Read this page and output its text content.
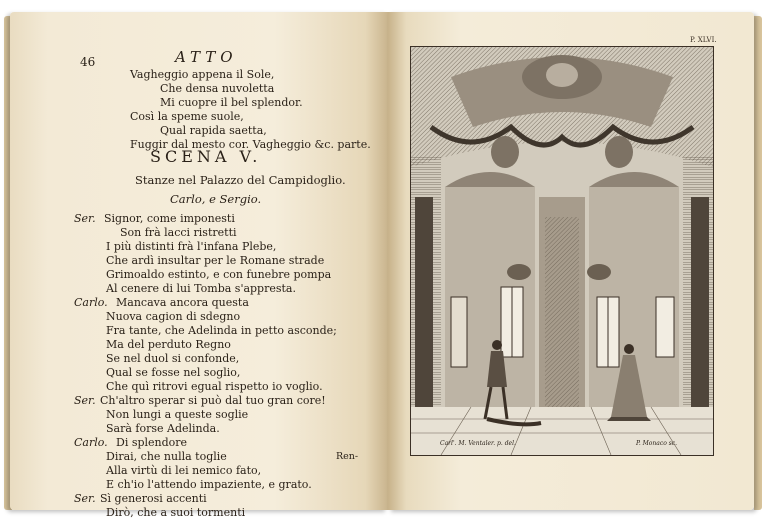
46	ATTO
Vagheggio appena il Sole,
Che densa nuvoletta
Mi cuopre il bel splendor.
Così la speme suole,
Qual rapida saetta,
Fuggir dal mesto cor. Vagheggio &c. parte.
SCENA V.
Stanze nel Palazzo del Campidoglio.
Carlo, e Sergio.
Ser. Signor, come imponesti
Son frà lacci ristretti
I più distinti frà l'infana Plebe,
Che ardì insultar per le Romane strade
Grimoaldo estinto, e con funebre pompa
Al cenere di lui Tomba s'appresta.
Carlo. Mancava ancora questa
Nuova cagion di sdegno
Fra tante, che Adelinda in petto asconde;
Ma del perduto Regno
Se nel duol si confonde,
Qual se fosse nel soglio,
Che quì ritrovi egual rispetto io voglio.
Ser. Ch'altro sperar si può dal tuo gran core!
Non lungi a queste soglie
Sarà forse Adelinda.
Carlo. Di splendore
Dirai, che nulla toglie
Alla virtù di lei nemico fato,
E ch'io l'attendo impaziente, e grato.
Ser. Sì generosi accenti
Dirò, che a suoi tormenti
Ren-
P. XLVI.
Carl'. M. Ventaler. p. del.	P. Monaco sc.
